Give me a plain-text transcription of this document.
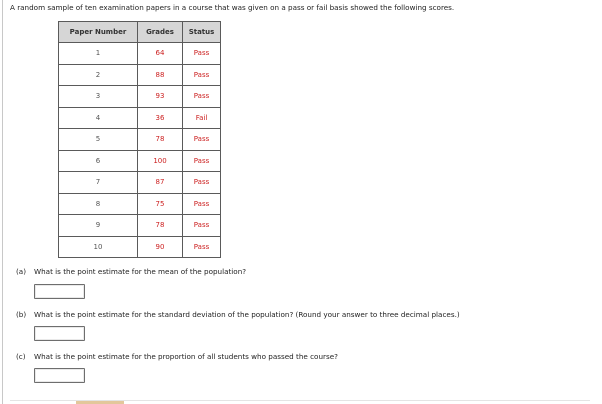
A random sample of ten examination papers in a course that was given on a pass or fail basis showed the following scores.
Paper Number	Grades	Status
1	64	Pass
2	88	Pass
3	93	Pass
4	36	Fail
5	78	Pass
6	100	Pass
7	87	Pass
8	75	Pass
9	78	Pass
10	90	Pass
(a) What is the point estimate for the mean of the population?
(b) What is the point estimate for the standard deviation of the population? (Round your answer to three decimal places.)
(c) What is the point estimate for the proportion of all students who passed the course?
